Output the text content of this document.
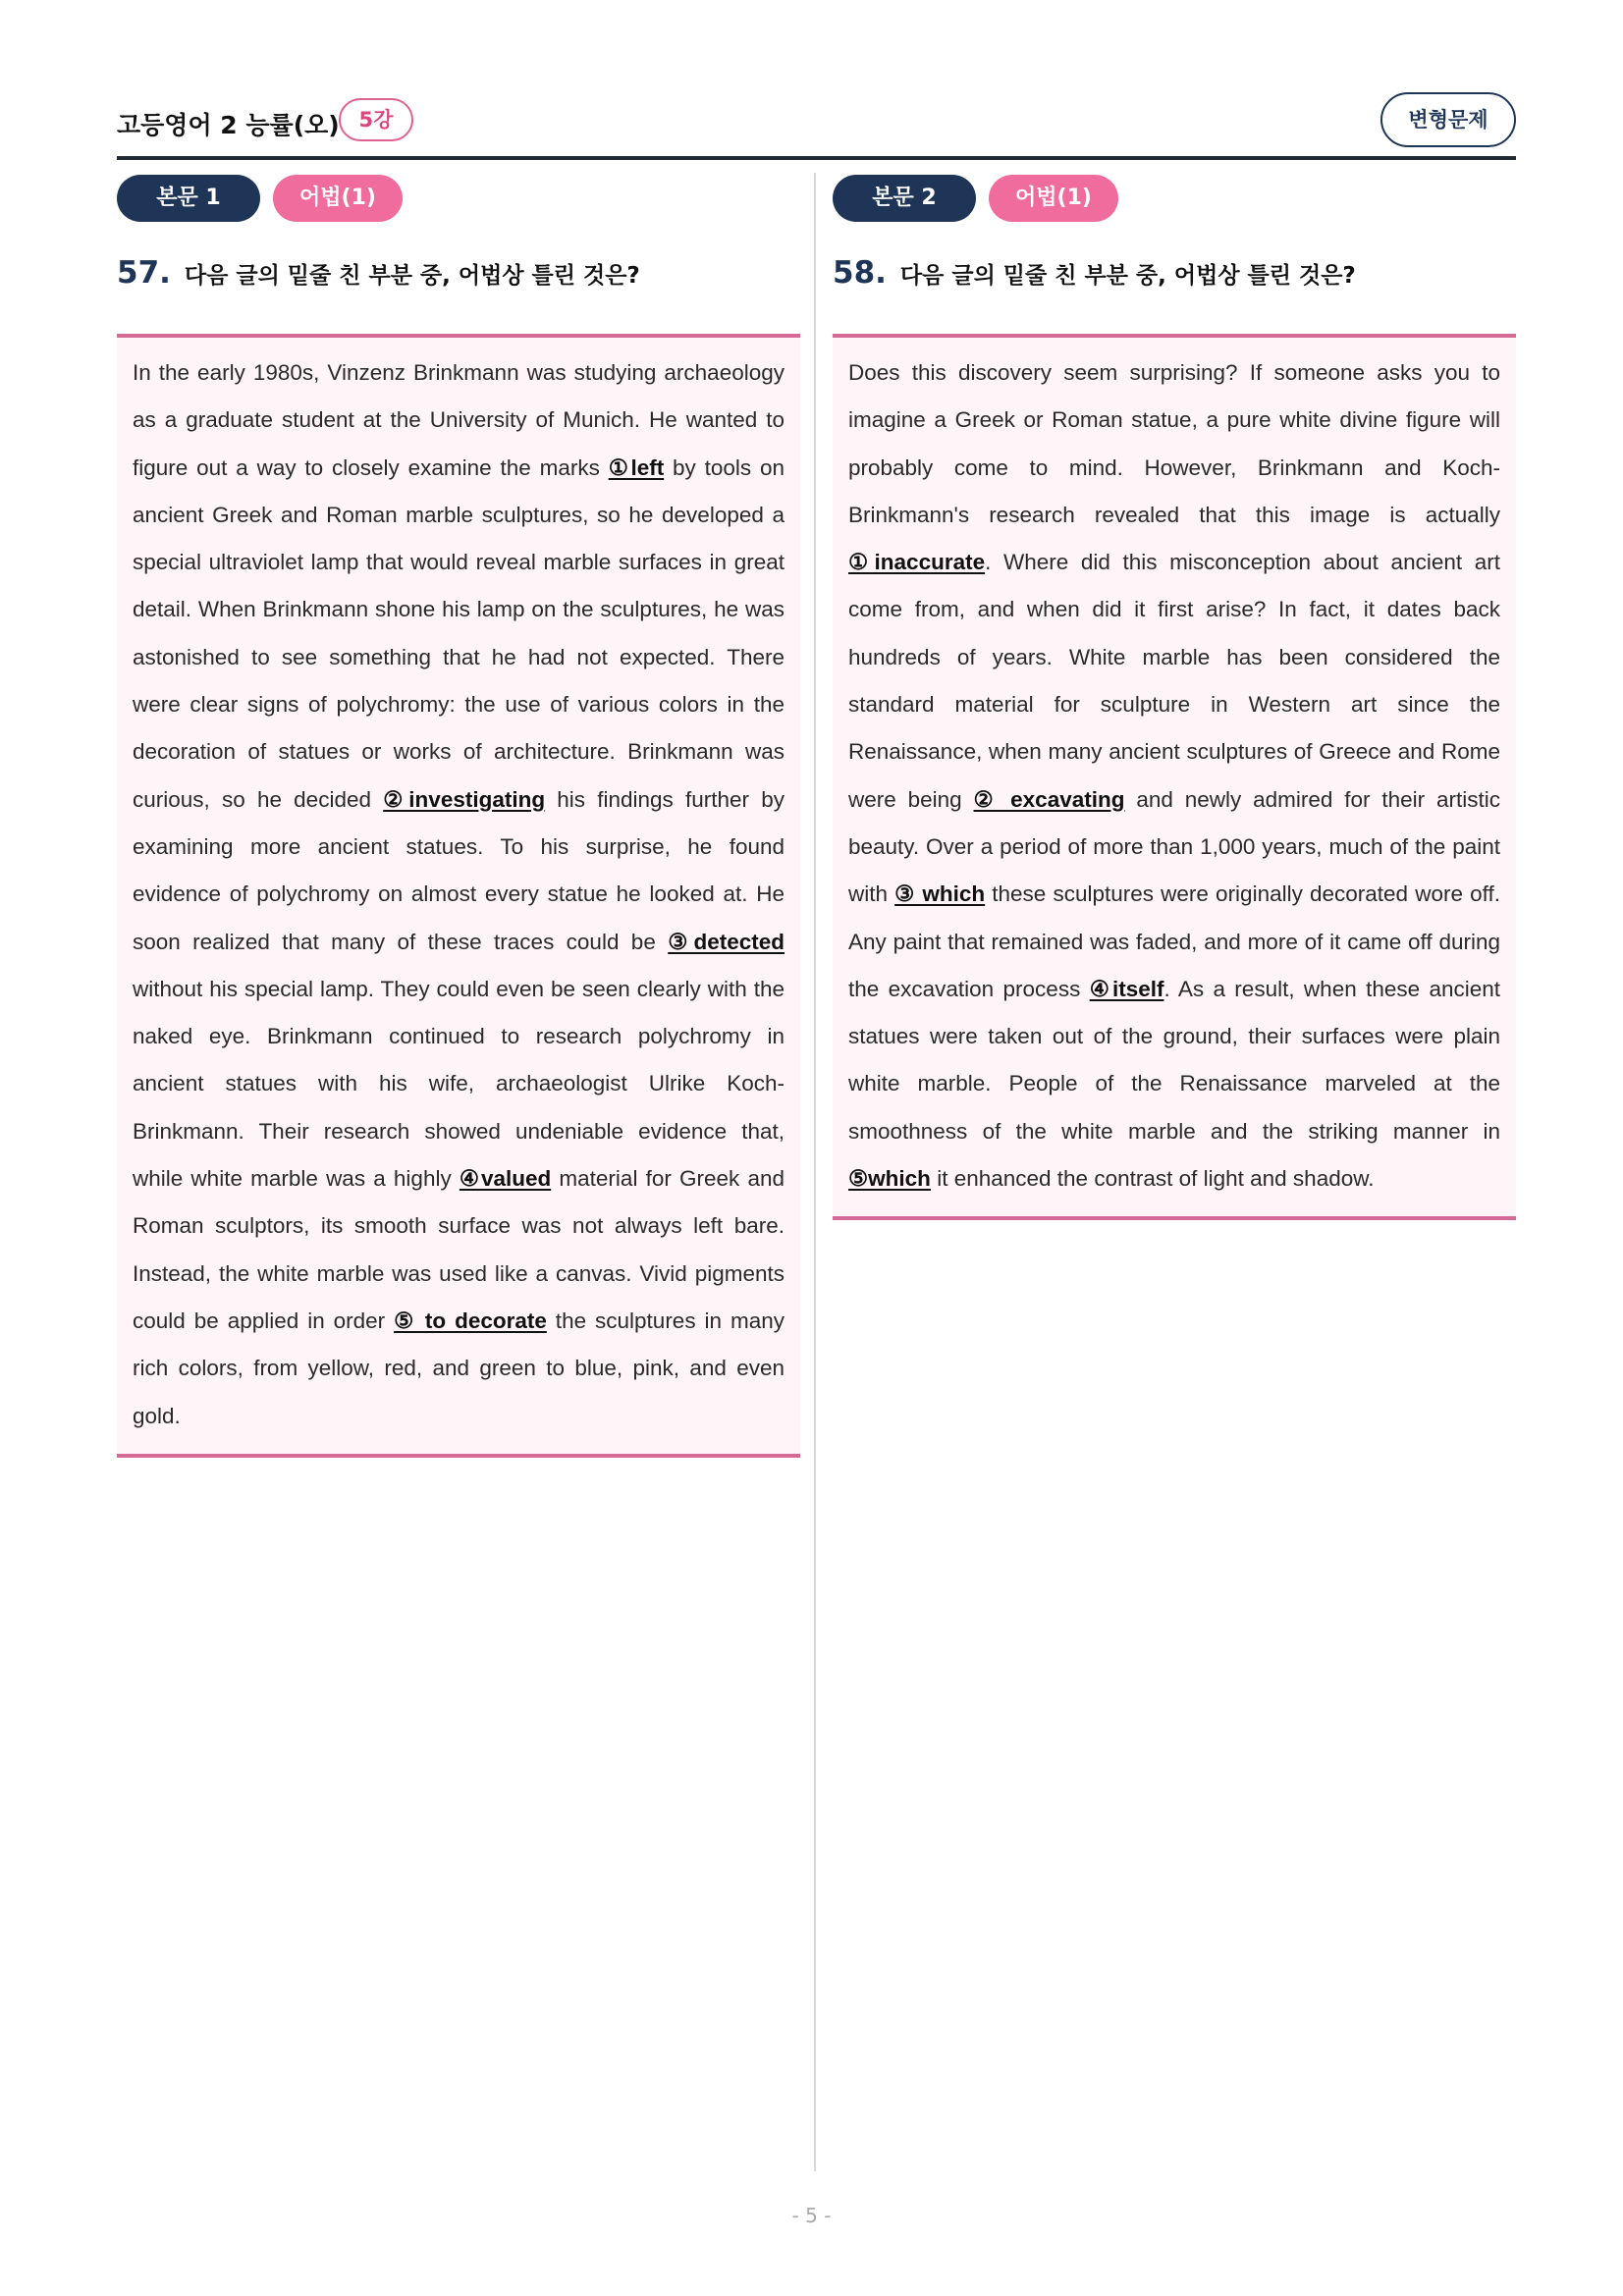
고등영어 2 능률(오) 5강	변형문제
본문 1	어법(1)
57. 다음 글의 밑줄 친 부분 중, 어법상 틀린 것은?

In the early 1980s, Vinzenz Brinkmann was studying archaeology as a graduate student at the University of Munich. He wanted to figure out a way to closely examine the marks ①left by tools on ancient Greek and Roman marble sculptures, so he developed a special ultraviolet lamp that would reveal marble surfaces in great detail. When Brinkmann shone his lamp on the sculptures, he was astonished to see something that he had not expected. There were clear signs of polychromy: the use of various colors in the decoration of statues or works of architecture. Brinkmann was curious, so he decided ②investigating his findings further by examining more ancient statues. To his surprise, he found evidence of polychromy on almost every statue he looked at. He soon realized that many of these traces could be ③detected without his special lamp. They could even be seen clearly with the naked eye. Brinkmann continued to research polychromy in ancient statues with his wife, archaeologist Ulrike Koch-Brinkmann. Their research showed undeniable evidence that, while white marble was a highly ④valued material for Greek and Roman sculptors, its smooth surface was not always left bare. Instead, the white marble was used like a canvas. Vivid pigments could be applied in order ⑤ to decorate the sculptures in many rich colors, from yellow, red, and green to blue, pink, and even gold.

본문 2	어법(1)
58. 다음 글의 밑줄 친 부분 중, 어법상 틀린 것은?

Does this discovery seem surprising? If someone asks you to imagine a Greek or Roman statue, a pure white divine figure will probably come to mind. However, Brinkmann and Koch-Brinkmann's research revealed that this image is actually ①inaccurate. Where did this misconception about ancient art come from, and when did it first arise? In fact, it dates back hundreds of years. White marble has been considered the standard material for sculpture in Western art since the Renaissance, when many ancient sculptures of Greece and Rome were being ② excavating and newly admired for their artistic beauty. Over a period of more than 1,000 years, much of the paint with ③ which these sculptures were originally decorated wore off. Any paint that remained was faded, and more of it came off during the excavation process ④itself. As a result, when these ancient statues were taken out of the ground, their surfaces were plain white marble. People of the Renaissance marveled at the smoothness of the white marble and the striking manner in ⑤which it enhanced the contrast of light and shadow.

- 5 -
